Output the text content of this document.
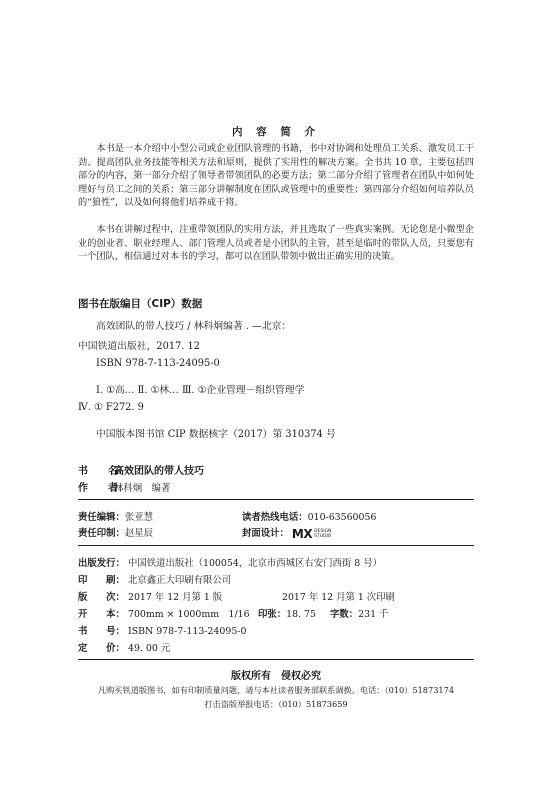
内 容 简 介

本书是一本介绍中小型公司或企业团队管理的书籍，书中对协调和处理员工关系、激发员工干劲、提高团队业务技能等相关方法和原则，提供了实用性的解决方案。全书共 10 章，主要包括四部分的内容，第一部分介绍了领导者带领团队的必要方法；第二部分介绍了管理者在团队中如何处理好与员工之间的关系；第三部分讲解制度在团队或管理中的重要性；第四部分介绍如何培养队员的“狼性”，以及如何将他们培养成干将。

本书在讲解过程中，注重带领团队的实用方法，并且选取了一些真实案例。无论您是小微型企业的创业者、职业经理人、部门管理人员或者是小团队的主管，甚至是临时的带队人员，只要您有一个团队，相信通过对本书的学习，都可以在团队带领中做出正确实用的决策。

图书在版编目（CIP）数据
高效团队的带人技巧 / 林科炯编著 . —北京：
中国铁道出版社，2017. 12
ISBN 978-7-113-24095-0
Ⅰ. ①高… Ⅱ. ①林… Ⅲ. ①企业管理－组织管理学
Ⅳ. ① F272. 9
中国版本图书馆 CIP 数据核字（2017）第 310374 号
书　　名：高效团队的带人技巧
作　　者：林科炯　编著
责任编辑：张亚慧	读者热线电话：010-63560056
责任印制：赵星辰	封面设计： MX DESIGN
STUDIO
出版发行： 中国铁道出版社（100054，北京市西城区右安门西街 8 号）
印　　刷： 北京鑫正大印刷有限公司
版　　次： 2017 年 12 月第 1 版	2017 年 12 月第 1 次印刷
开　　本： 700mm × 1000mm　1/16 印张：18. 75 字数：231 千
书　　号： ISBN 978-7-113-24095-0
定　　价： 49. 00 元
版权所有　侵权必究
凡购买铁道版图书，如有印制质量问题，请与本社读者服务部联系调换。电话：（010）51873174
打击盗版举报电话：（010）51873659
